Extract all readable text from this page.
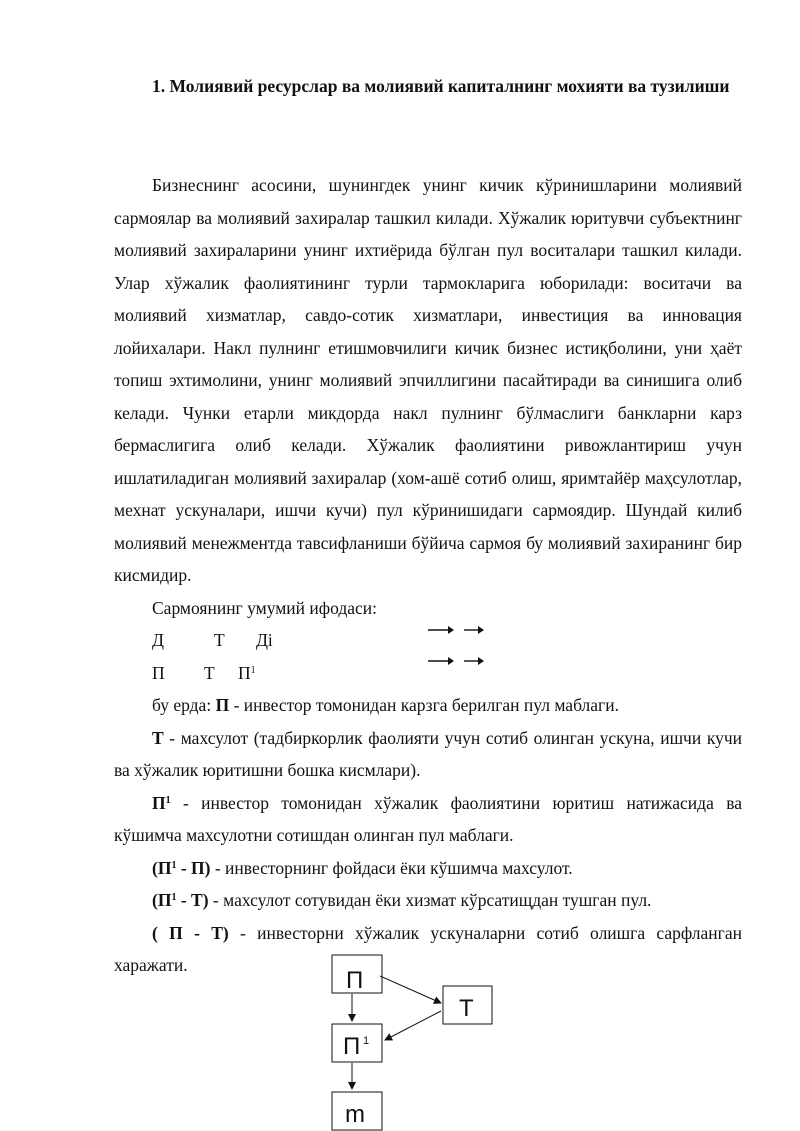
1. Молиявий ресурслар ва молиявий капиталнинг мохияти ва тузилиши

Бизнеснинг асосини, шунингдек унинг кичик кўринишларини молиявий сармоялар ва молиявий захиралар ташкил килади. Хўжалик юритувчи субъектнинг молиявий захираларини унинг ихтиёрида бўлган пул воситалари ташкил килади. Улар хўжалик фаолиятининг турли тармокларига юборилади: воситачи ва молиявий хизматлар, савдо-сотик хизматлари, инвестиция ва инновация лойихалари. Накл пулнинг етишмовчилиги кичик бизнес истиқболини, уни ҳаёт топиш эхтимолини, унинг молиявий эпчиллигини пасайтиради ва синишига олиб келади. Чунки етарли микдорда накл пулнинг бўлмаслиги банкларни карз бермаслигига олиб келади. Хўжалик фаолиятини ривожлантириш учун ишлатиладиган молиявий захиралар (хом-ашё сотиб олиш, яримтайёр маҳсулотлар, мехнат ускуналари, ишчи кучи) пул кўринишидаги сармоядир. Шундай килиб молиявий менежментда тавсифланиши бўйича сармоя бу молиявий захиранинг бир кисмидир.

Сармоянинг умумий ифодаси:

Д	Т Дi
П Т $П^1$

бу ерда: П - инвестор томонидан карзга берилган пул маблаги.

Т - махсулот (тадбиркорлик фаолияти учун сотиб олинган ускуна, ишчи кучи ва хўжалик юритишни бошка кисмлари).

$П^1$ - инвестор томонидан хўжалик фаолиятини юритиш натижасида ва кўшимча махсулотни сотишдан олинган пул маблаги.

$(П^1 - П)$ - инвесторнинг фойдаси ёки кўшимча махсулот.

$(П^1 - Т)$ - махсулот сотувидан ёки хизмат кўрсатищдан тушган пул.

( П - Т) - инвесторни хўжалик ускуналарни сотиб олишга сарфланган харажати.

П
Т
П 1
m
